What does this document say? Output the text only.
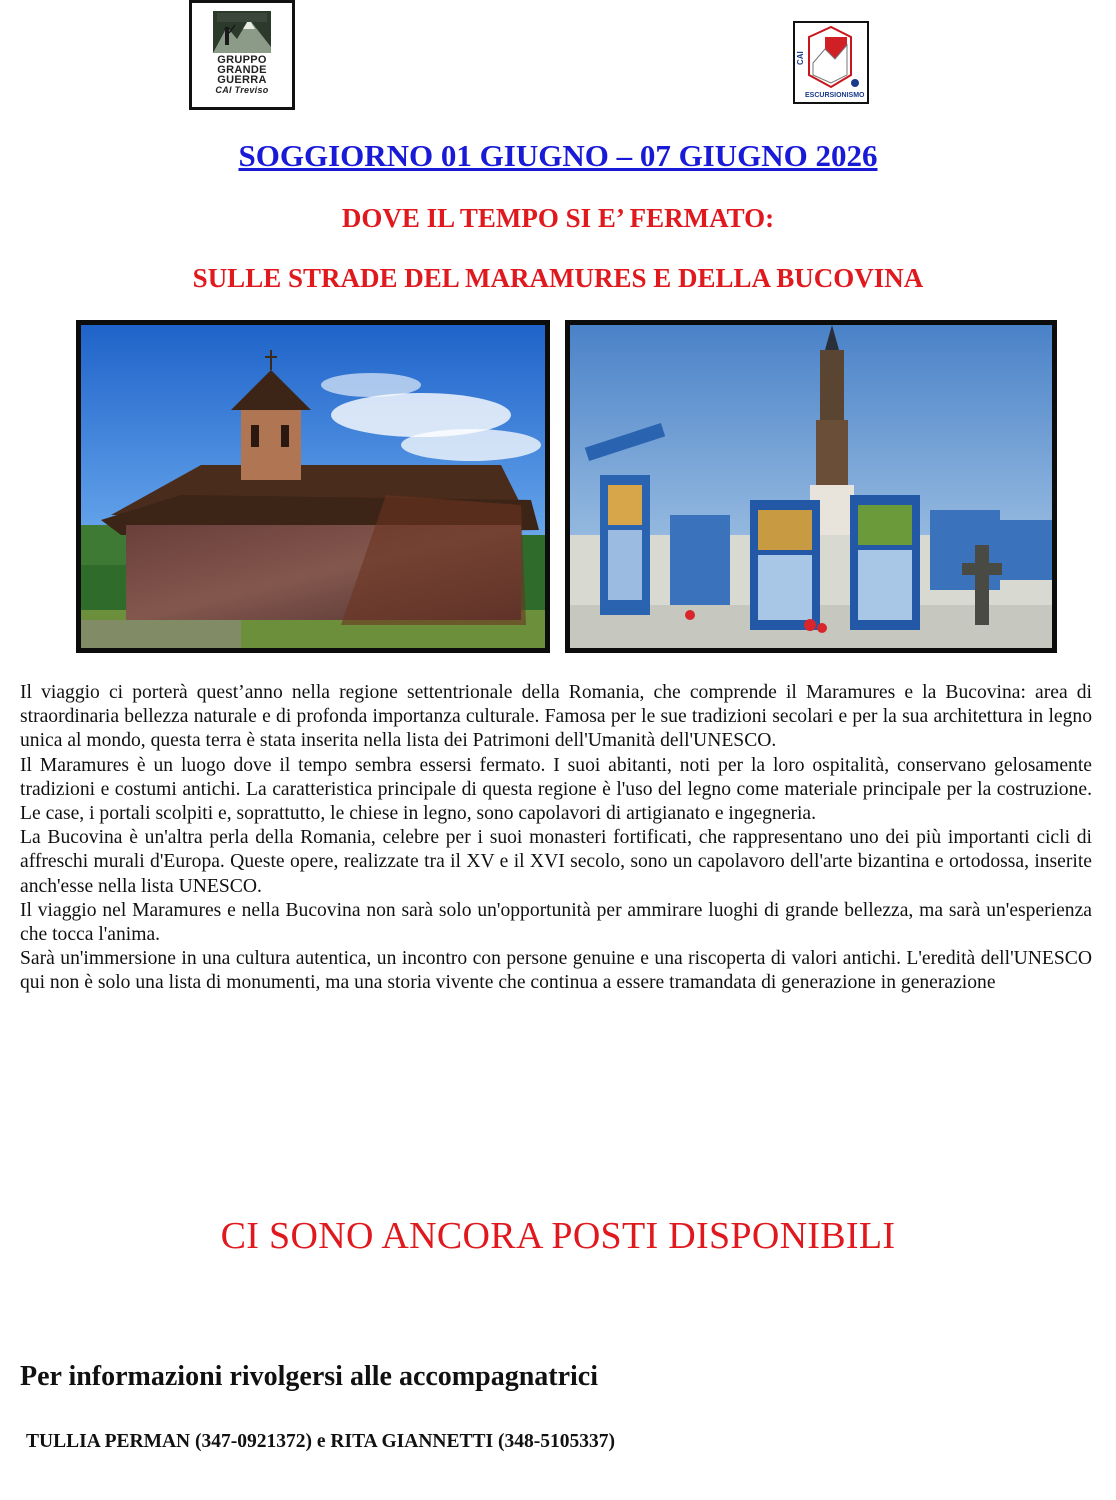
GRUPPO
GRANDE
GUERRA
CAI Treviso
CAI
ESCURSIONISMO
SOGGIORNO 01 GIUGNO – 07 GIUGNO 2026
DOVE IL TEMPO SI E’ FERMATO:
SULLE STRADE DEL MARAMURES E DELLA BUCOVINA

Il viaggio ci porterà quest’anno nella regione settentrionale della Romania, che comprende il Maramures e la Bucovina: area di straordinaria bellezza naturale e di profonda importanza culturale. Famosa per le sue tradizioni secolari e per la sua architettura in legno unica al mondo, questa terra è stata inserita nella lista dei Patrimoni dell'Umanità dell'UNESCO.

Il Maramures è un luogo dove il tempo sembra essersi fermato. I suoi abitanti, noti per la loro ospitalità, conservano gelosamente tradizioni e costumi antichi. La caratteristica principale di questa regione è l'uso del legno come materiale principale per la costruzione. Le case, i portali scolpiti e, soprattutto, le chiese in legno, sono capolavori di artigianato e ingegneria.

La Bucovina è un'altra perla della Romania, celebre per i suoi monasteri fortificati, che rappresentano uno dei più importanti cicli di affreschi murali d'Europa. Queste opere, realizzate tra il XV e il XVI secolo, sono un capolavoro dell'arte bizantina e ortodossa, inserite anch'esse nella lista UNESCO.

Il viaggio nel Maramures e nella Bucovina non sarà solo un'opportunità per ammirare luoghi di grande bellezza, ma sarà un'esperienza che tocca l'anima.

Sarà un'immersione in una cultura autentica, un incontro con persone genuine e una riscoperta di valori antichi. L'eredità dell'UNESCO qui non è solo una lista di monumenti, ma una storia vivente che continua a essere tramandata di generazione in generazione

CI SONO ANCORA POSTI DISPONIBILI
Per informazioni rivolgersi alle accompagnatrici
TULLIA PERMAN (347-0921372) e RITA GIANNETTI (348-5105337)
